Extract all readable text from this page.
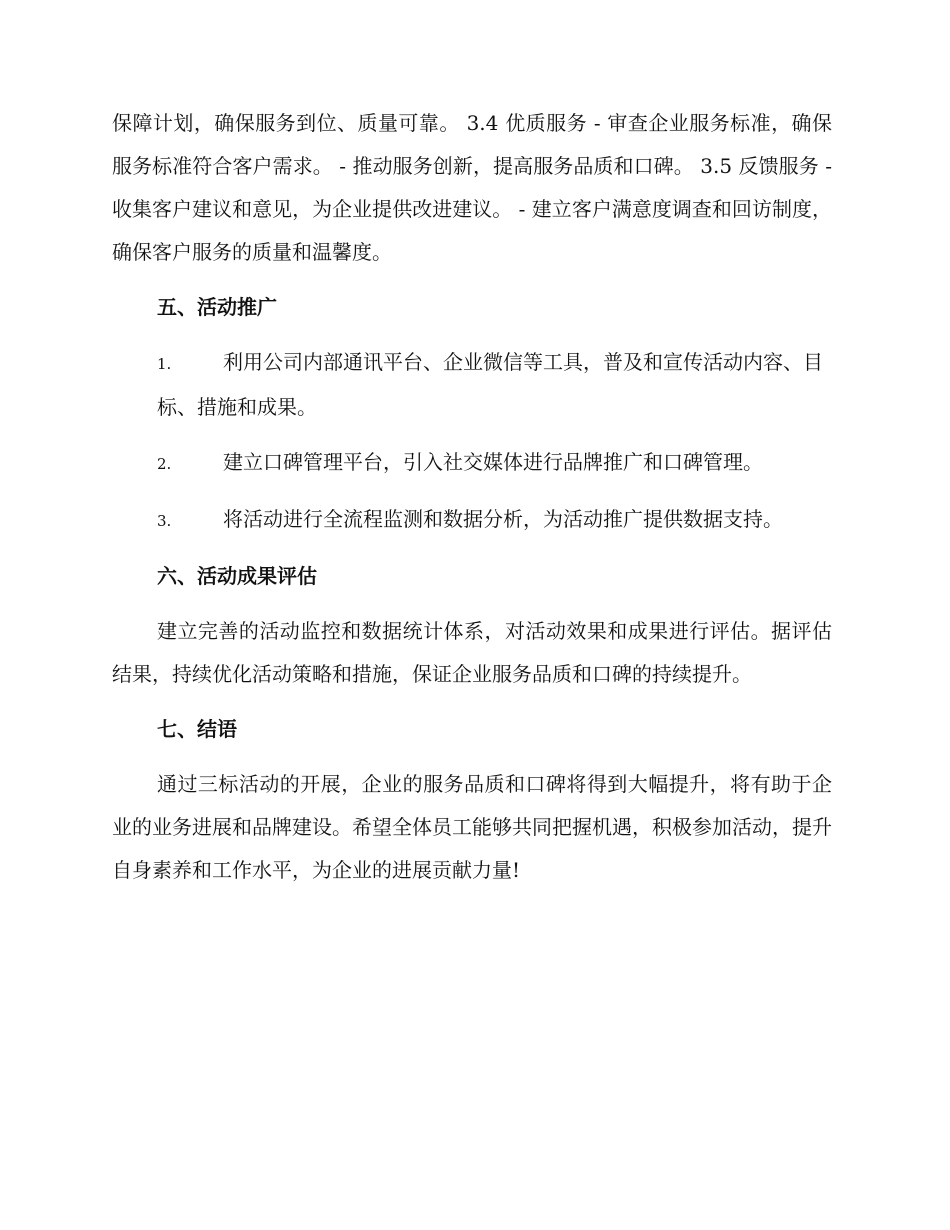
保障计划，确保服务到位、质量可靠。 3.4 优质服务 - 审查企业服务标准，确保服务标准符合客户需求。 - 推动服务创新，提高服务品质和口碑。 3.5 反馈服务 - 收集客户建议和意见，为企业提供改进建议。 - 建立客户满意度调查和回访制度，确保客户服务的质量和温馨度。

五、活动推广
1.	利用公司内部通讯平台、企业微信等工具，普及和宣传活动内容、目标、措施和成果。
2.	建立口碑管理平台，引入社交媒体进行品牌推广和口碑管理。
3.	将活动进行全流程监测和数据分析，为活动推广提供数据支持。
六、活动成果评估

建立完善的活动监控和数据统计体系，对活动效果和成果进行评估。据评估结果，持续优化活动策略和措施，保证企业服务品质和口碑的持续提升。

七、结语

通过三标活动的开展，企业的服务品质和口碑将得到大幅提升，将有助于企业的业务进展和品牌建设。希望全体员工能够共同把握机遇，积极参加活动，提升自身素养和工作水平，为企业的进展贡献力量!
